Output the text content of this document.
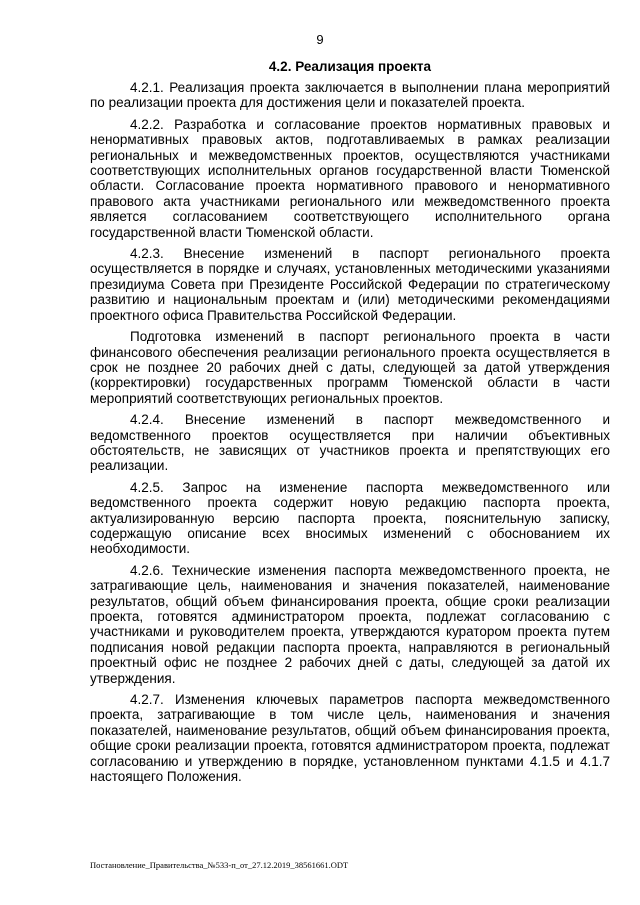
9
4.2. Реализация проекта

4.2.1. Реализация проекта заключается в выполнении плана мероприятий по реализации проекта для достижения цели и показателей проекта.

4.2.2. Разработка и согласование проектов нормативных правовых и ненормативных правовых актов, подготавливаемых в рамках реализации региональных и межведомственных проектов, осуществляются участниками соответствующих исполнительных органов государственной власти Тюменской области. Согласование проекта нормативного правового и ненормативного правового акта участниками регионального или межведомственного проекта является согласованием соответствующего исполнительного органа государственной власти Тюменской области.

4.2.3. Внесение изменений в паспорт регионального проекта осуществляется в порядке и случаях, установленных методическими указаниями президиума Совета при Президенте Российской Федерации по стратегическому развитию и национальным проектам и (или) методическими рекомендациями проектного офиса Правительства Российской Федерации.

Подготовка изменений в паспорт регионального проекта в части финансового обеспечения реализации регионального проекта осуществляется в срок не позднее 20 рабочих дней с даты, следующей за датой утверждения (корректировки) государственных программ Тюменской области в части мероприятий соответствующих региональных проектов.

4.2.4. Внесение изменений в паспорт межведомственного и ведомственного проектов осуществляется при наличии объективных обстоятельств, не зависящих от участников проекта и препятствующих его реализации.

4.2.5. Запрос на изменение паспорта межведомственного или ведомственного проекта содержит новую редакцию паспорта проекта, актуализированную версию паспорта проекта, пояснительную записку, содержащую описание всех вносимых изменений с обоснованием их необходимости.

4.2.6. Технические изменения паспорта межведомственного проекта, не затрагивающие цель, наименования и значения показателей, наименование результатов, общий объем финансирования проекта, общие сроки реализации проекта, готовятся администратором проекта, подлежат согласованию с участниками и руководителем проекта, утверждаются куратором проекта путем подписания новой редакции паспорта проекта, направляются в региональный проектный офис не позднее 2 рабочих дней с даты, следующей за датой их утверждения.

4.2.7. Изменения ключевых параметров паспорта межведомственного проекта, затрагивающие в том числе цель, наименования и значения показателей, наименование результатов, общий объем финансирования проекта, общие сроки реализации проекта, готовятся администратором проекта, подлежат согласованию и утверждению в порядке, установленном пунктами 4.1.5 и 4.1.7 настоящего Положения.

Постановление_Правительства_№533-п_от_27.12.2019_38561661.ODT
